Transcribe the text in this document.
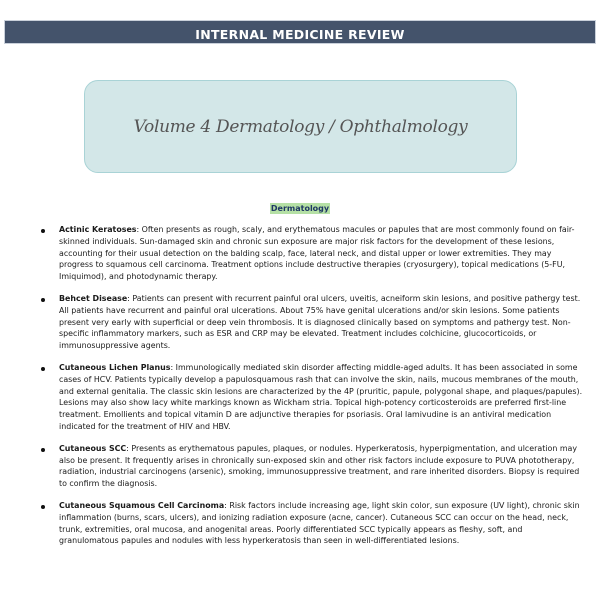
INTERNAL MEDICINE REVIEW
Volume 4 Dermatology / Ophthalmology
Dermatology
Actinic Keratoses: Often presents as rough, scaly, and erythematous macules or papules that are most commonly found on fair-skinned individuals. Sun-damaged skin and chronic sun exposure are major risk factors for the development of these lesions, accounting for their usual detection on the balding scalp, face, lateral neck, and distal upper or lower extremities. They may progress to squamous cell carcinoma. Treatment options include destructive therapies (cryosurgery), topical medications (5-FU, Imiquimod), and photodynamic therapy.
Behcet Disease: Patients can present with recurrent painful oral ulcers, uveitis, acneiform skin lesions, and positive pathergy test. All patients have recurrent and painful oral ulcerations. About 75% have genital ulcerations and/or skin lesions. Some patients present very early with superficial or deep vein thrombosis. It is diagnosed clinically based on symptoms and pathergy test. Non-specific inflammatory markers, such as ESR and CRP may be elevated. Treatment includes colchicine, glucocorticoids, or immunosuppressive agents.
Cutaneous Lichen Planus: Immunologically mediated skin disorder affecting middle-aged adults. It has been associated in some cases of HCV. Patients typically develop a papulosquamous rash that can involve the skin, nails, mucous membranes of the mouth, and external genitalia. The classic skin lesions are characterized by the 4P (pruritic, papule, polygonal shape, and plaques/papules). Lesions may also show lacy white markings known as Wickham stria. Topical high-potency corticosteroids are preferred first-line treatment. Emollients and topical vitamin D are adjunctive therapies for psoriasis. Oral lamivudine is an antiviral medication indicated for the treatment of HIV and HBV.
Cutaneous SCC: Presents as erythematous papules, plaques, or nodules. Hyperkeratosis, hyperpigmentation, and ulceration may also be present. It frequently arises in chronically sun-exposed skin and other risk factors include exposure to PUVA phototherapy, radiation, industrial carcinogens (arsenic), smoking, immunosuppressive treatment, and rare inherited disorders. Biopsy is required to confirm the diagnosis.
Cutaneous Squamous Cell Carcinoma: Risk factors include increasing age, light skin color, sun exposure (UV light), chronic skin inflammation (burns, scars, ulcers), and ionizing radiation exposure (acne, cancer). Cutaneous SCC can occur on the head, neck, trunk, extremities, oral mucosa, and anogenital areas. Poorly differentiated SCC typically appears as fleshy, soft, and granulomatous papules and nodules with less hyperkeratosis than seen in well-differentiated lesions.
